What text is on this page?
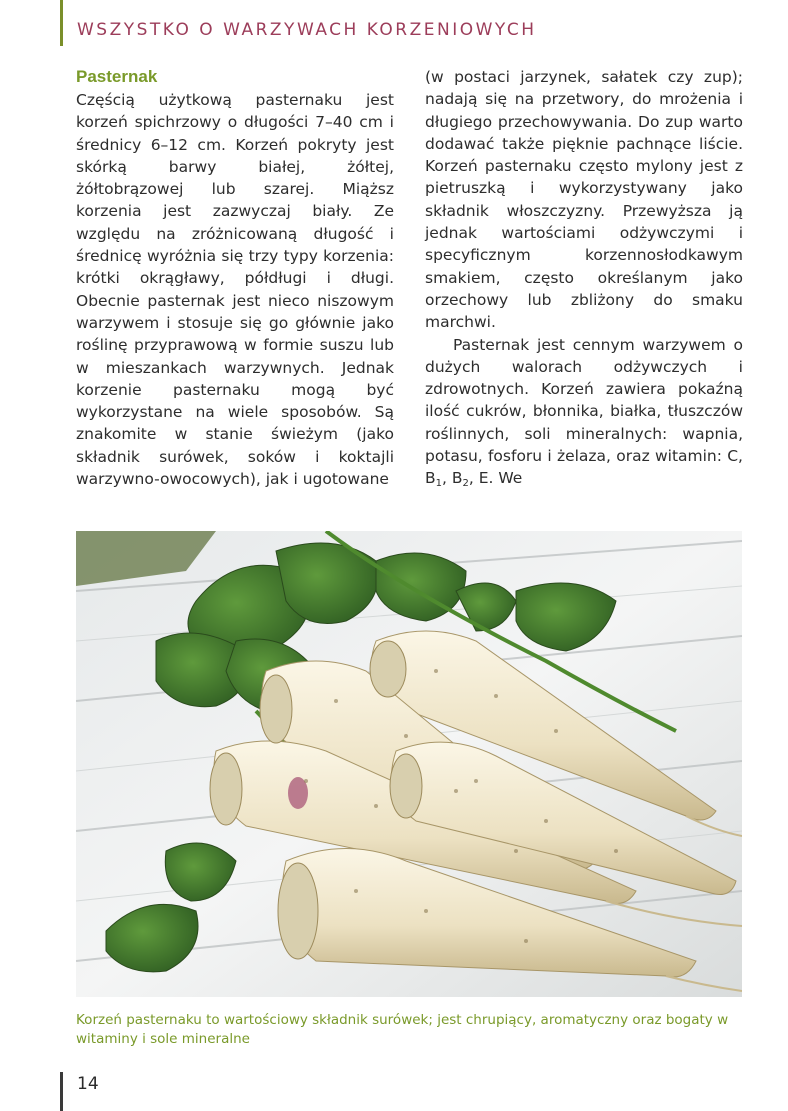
WSZYSTKO O WARZYWACH KORZENIOWYCH
Pasternak

Częścią użytkową pasternaku jest korzeń spichrzowy o długości 7–40 cm i średnicy 6–12 cm. Korzeń pokryty jest skórką barwy białej, żółtej, żółtobrązowej lub szarej. Miąższ korzenia jest zazwyczaj biały. Ze względu na zróżnicowaną długość i średnicę wyróżnia się trzy typy korzenia: krótki okrągławy, półdługi i długi. Obecnie pasternak jest nieco niszowym warzywem i stosuje się go głównie jako roślinę przyprawową w formie suszu lub w mieszankach warzywnych. Jednak korzenie pasternaku mogą być wykorzystane na wiele sposobów. Są znakomite w stanie świeżym (jako składnik surówek, soków i koktajli warzywno-owocowych), jak i ugotowane

(w postaci jarzynek, sałatek czy zup); nadają się na przetwory, do mrożenia i długiego przechowywania. Do zup warto dodawać także pięknie pachnące liście. Korzeń pasternaku często mylony jest z pietruszką i wykorzystywany jako składnik włoszczyzny. Przewyższa ją jednak wartościami odżywczymi i specyficznym korzennosłodkawym smakiem, często określanym jako orzechowy lub zbliżony do smaku marchwi.

Pasternak jest cennym warzywem o dużych walorach odżywczych i zdrowotnych. Korzeń zawiera pokaźną ilość cukrów, błonnika, białka, tłuszczów roślinnych, soli mineralnych: wapnia, potasu, fosforu i żelaza, oraz witamin: C, $B_1$, $B_2$, E. We

Korzeń pasternaku to wartościowy składnik surówek; jest chrupiący, aromatyczny oraz bogaty w witaminy i sole mineralne
14
